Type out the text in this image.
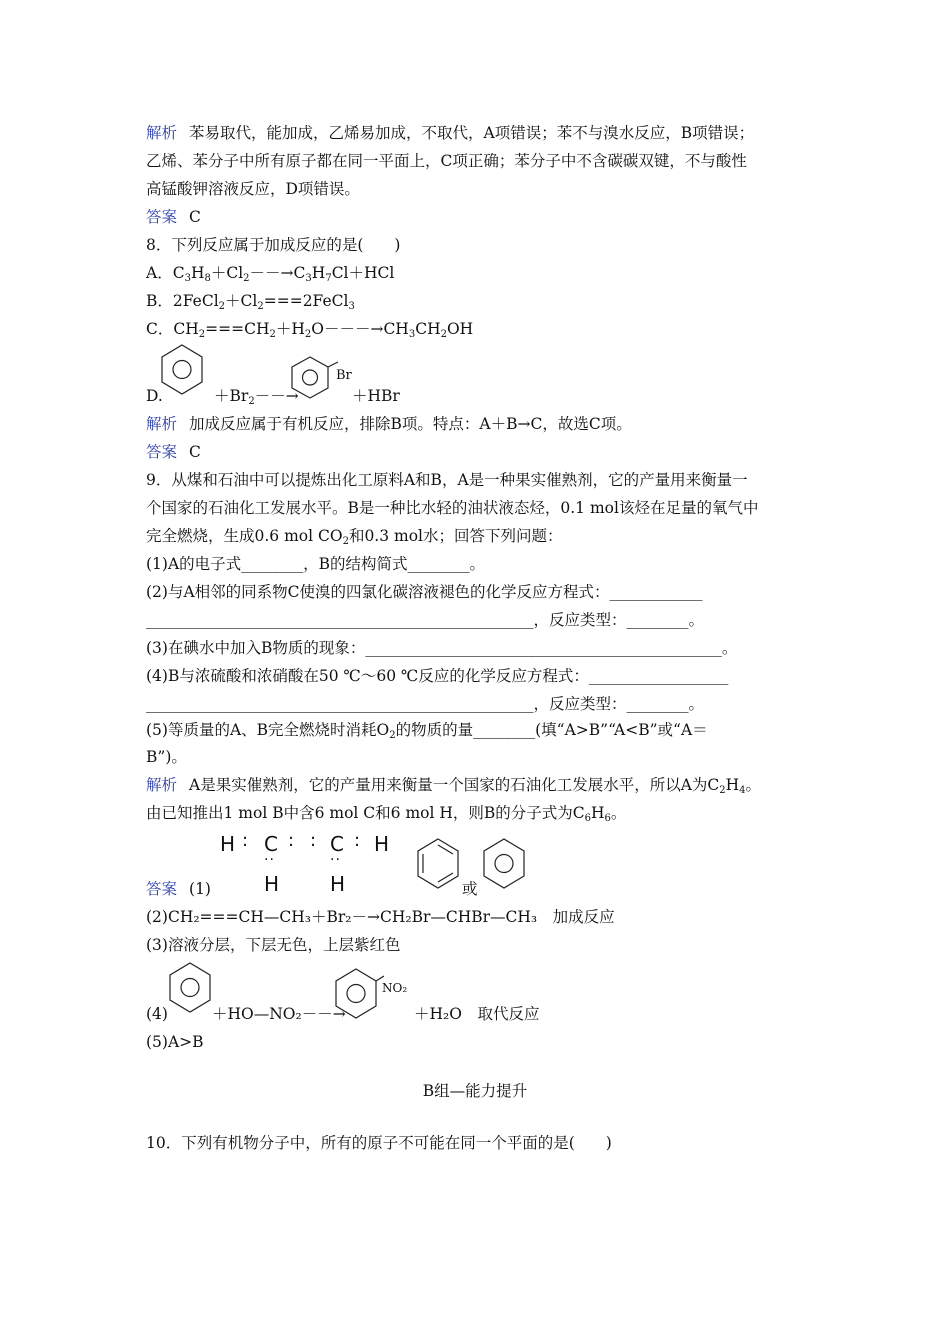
解析 苯易取代，能加成，乙烯易加成，不取代，A项错误；苯不与溴水反应，B项错误；
乙烯、苯分子中所有原子都在同一平面上，C项正确；苯分子中不含碳碳双键，不与酸性
高锰酸钾溶液反应，D项错误。
答案 C
8．下列反应属于加成反应的是(　　)
A．$C_3H_8+Cl_2--\to C_3H_7Cl+HCl$
B．$2FeCl_2+Cl_2===2FeCl_3$
C．$CH_2===CH_2+H_2O---\to CH_3CH_2OH$
D.	$+Br_2--\to$
Br
＋HBr
解析 加成反应属于有机反应，排除B项。特点：A＋B→C，故选C项。
答案 C
9．从煤和石油中可以提炼出化工原料A和B，A是一种果实催熟剂，它的产量用来衡量一
个国家的石油化工发展水平。B是一种比水轻的油状液态烃，0.1 mol该烃在足量的氧气中
完全燃烧，生成0.6 mol $CO_2$和0.3 mol水；回答下列问题：
(1)A的电子式________，B的结构简式________。
(2)与A相邻的同系物C使溴的四氯化碳溶液褪色的化学反应方程式：____________
__________________________________________________，反应类型：________。
(3)在碘水中加入B物质的现象：______________________________________________。
(4)B与浓硫酸和浓硝酸在50 ℃～60 ℃反应的化学反应方程式：__________________
__________________________________________________，反应类型：________。
(5)等质量的A、B完全燃烧时消耗$O_2$的物质的量________(填“A>B”“A<B”或“A＝
B”)。
解析 A是果实催熟剂，它的产量用来衡量一个国家的石油化工发展水平，所以A为$C_2H_4$。
由已知推出1 mol B中含6 mol C和6 mol H，则B的分子式为$C_6H_6$。
答案 (1)
H : C : : C : H
··	··
H	H	或
(2)CH₂===CH—CH₃＋Br₂－→CH₂Br—CHBr—CH₃　加成反应
(3)溶液分层，下层无色，上层紫红色
(4)	＋HO—NO₂－－→
NO₂
＋H₂O　取代反应
(5)A>B
B组—能力提升
10．下列有机物分子中，所有的原子不可能在同一个平面的是(　　)
